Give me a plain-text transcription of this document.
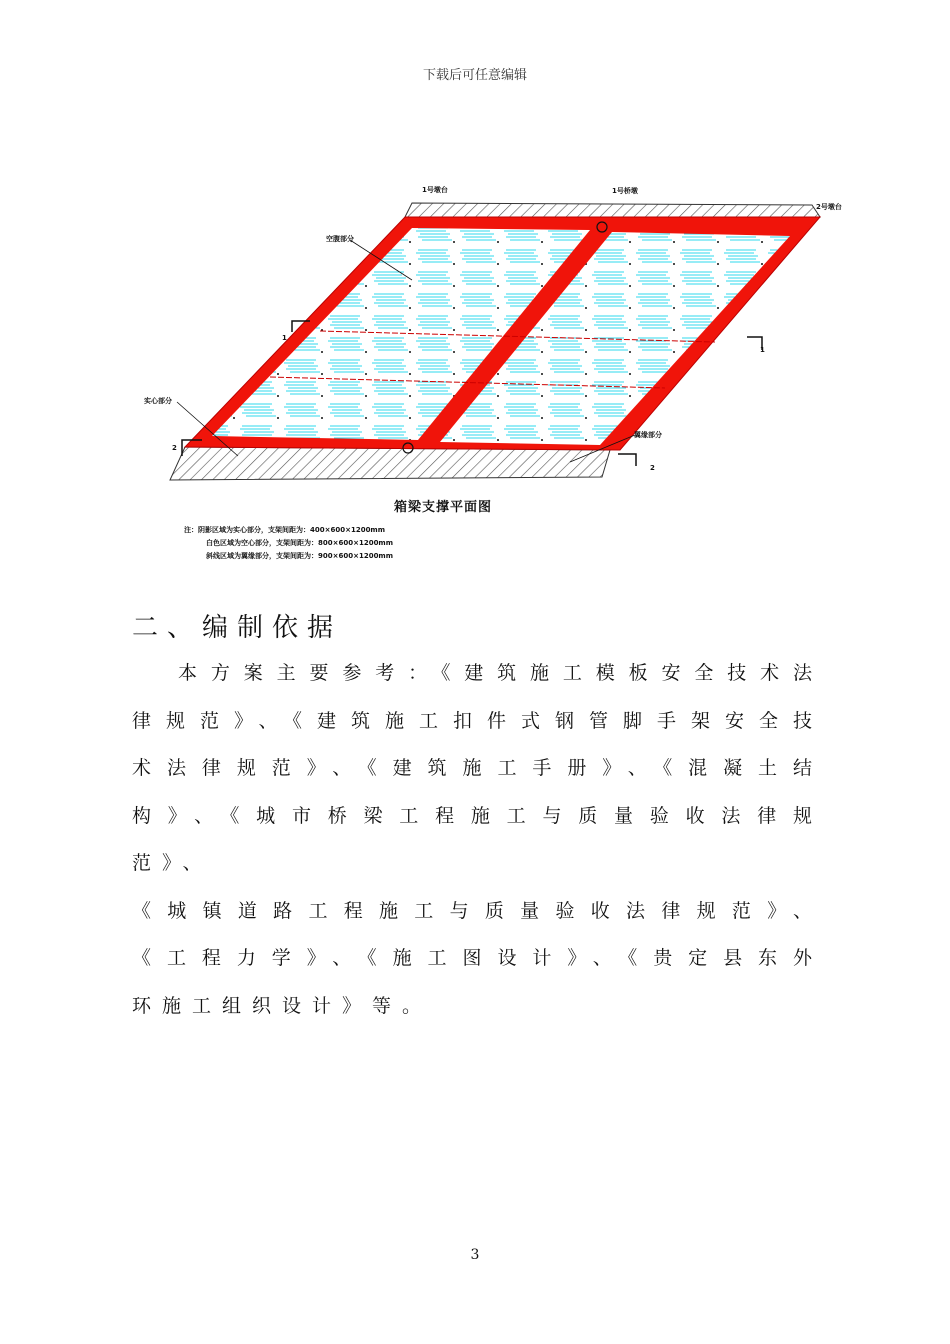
下载后可任意编辑
1号墩台	1号桥墩
2号墩台
空腹部分
实心部分
翼缘部分
1
1
2
2
箱梁支撑平面图
注：阴影区域为实心部分，支架间距为：400×600×1200mm
白色区域为空心部分，支架间距为：800×600×1200mm
斜线区域为翼缘部分，支架间距为：900×600×1200mm
二、编制依据
本方案主要参考：《建筑施工模板安全技术法
律规范》、《建筑施工扣件式钢管脚手架安全技
术法律规范》、《建筑施工手册》、《混凝土结
构》、《城市桥梁工程施工与质量验收法律规
范》、
《城镇道路工程施工与质量验收法律规范》、
《工程力学》、《施工图设计》、《贵定县东外
环施工组织设计》等。
3
